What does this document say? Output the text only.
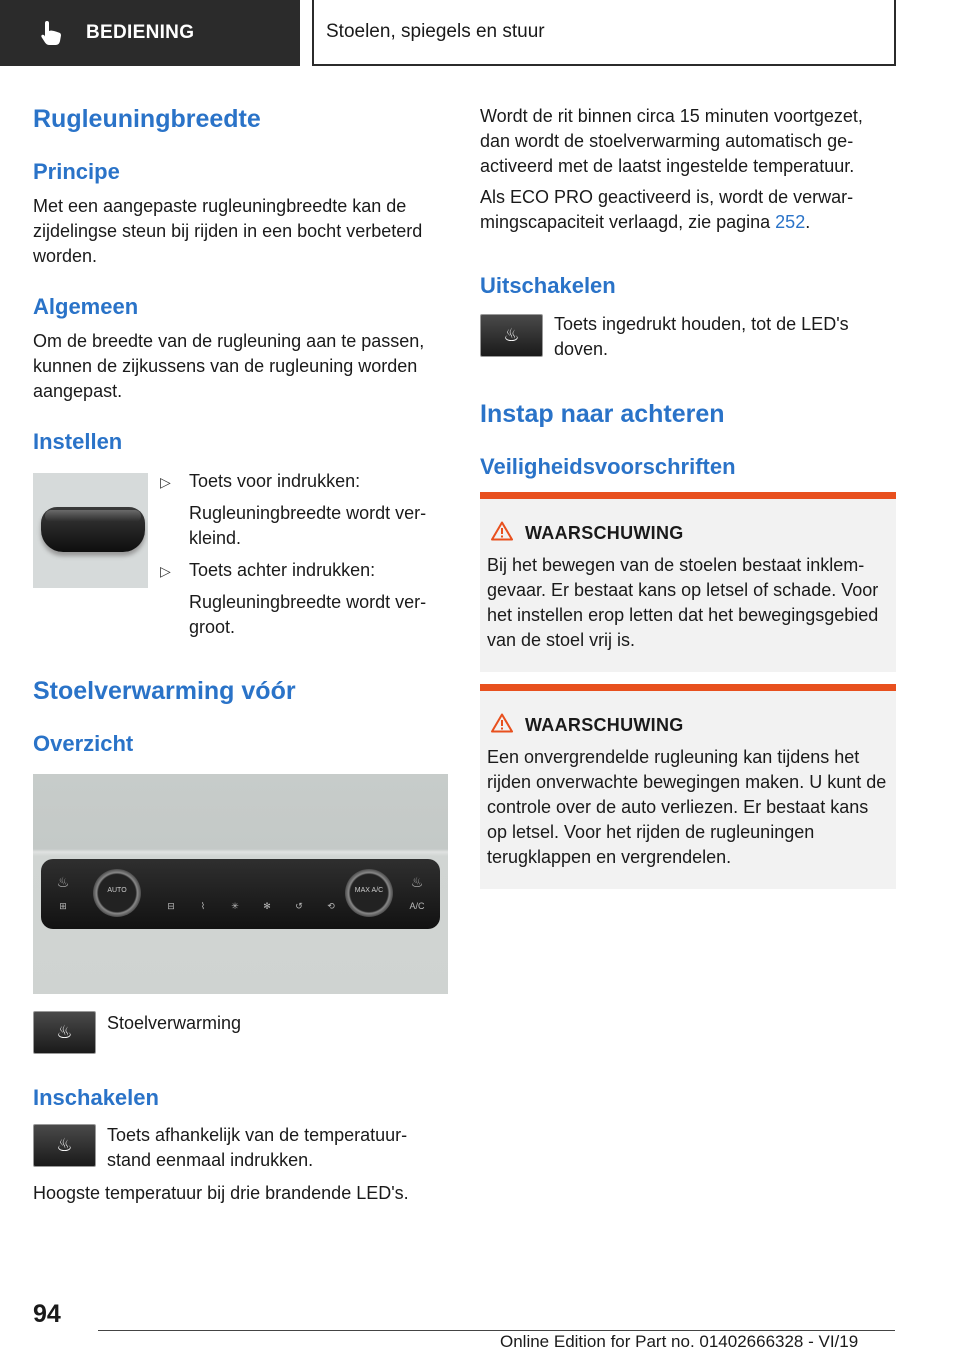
BEDIENING	Stoelen, spiegels en stuur
Rugleuningbreedte
Principe
Met een aangepaste rugleuningbreedte kan de zijdelingse steun bij rijden in een bocht verbeterd worden.
Algemeen
Om de breedte van de rugleuning aan te passen, kunnen de zijkussens van de rugleuning worden aangepast.
Instellen
▷ Toets voor indrukken:
Rugleuningbreedte wordt verkleind.
▷ Toets achter indrukken:
Rugleuningbreedte wordt vergroot.
Stoelverwarming vóór
Overzicht
♨
⊞
AUTO
⊟	⌇	✳	✻	↺	⟲
MAX A/C
♨
A/C
♨	Stoelverwarming
Inschakelen
♨	Toets afhankelijk van de temperatuurstand eenmaal indrukken.
Hoogste temperatuur bij drie brandende LED's.
Wordt de rit binnen circa 15 minuten voortgezet, dan wordt de stoelverwarming automatisch geactiveerd met de laatst ingestelde temperatuur.
Als ECO PRO geactiveerd is, wordt de verwarmingscapaciteit verlaagd, zie pagina 252.
Uitschakelen
♨
Toets ingedrukt houden, tot de LED's doven.
Instap naar achteren
Veiligheidsvoorschriften
WAARSCHUWING
Bij het bewegen van de stoelen bestaat inklemgevaar. Er bestaat kans op letsel of schade. Voor het instellen erop letten dat het bewegingsgebied van de stoel vrij is.
WAARSCHUWING
Een onvergrendelde rugleuning kan tijdens het rijden onverwachte bewegingen maken. U kunt de controle over de auto verliezen. Er bestaat kans op letsel. Voor het rijden de rugleuningen terugklappen en vergrendelen.
94
Online Edition for Part no. 01402666328 - VI/19
